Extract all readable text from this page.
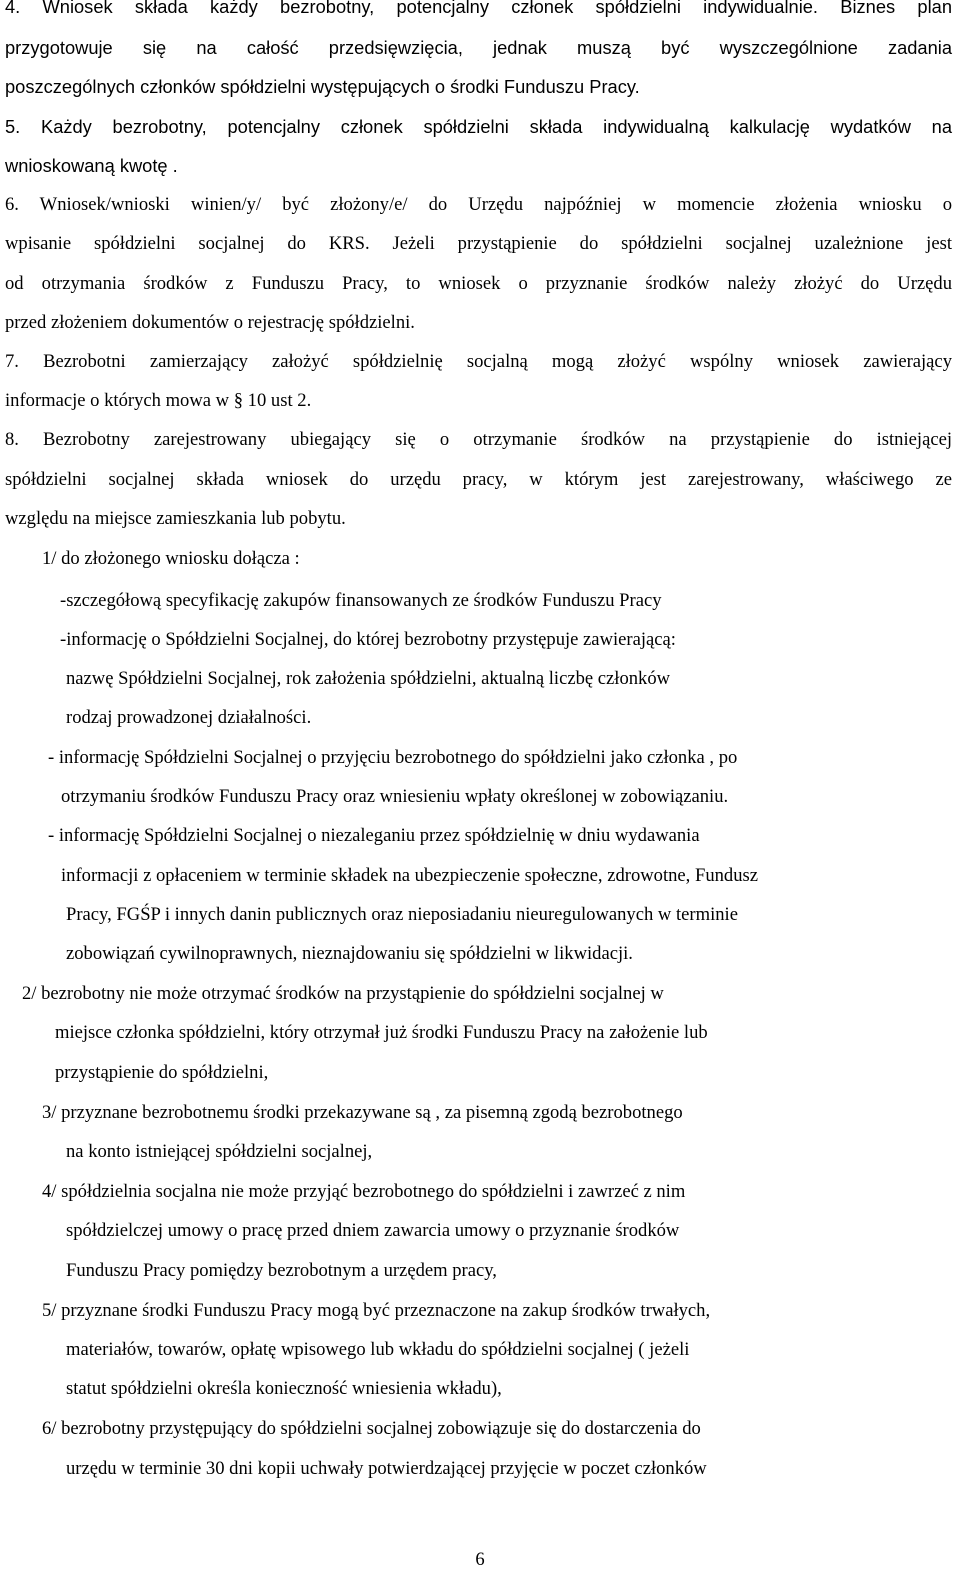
4. Wniosek składa każdy bezrobotny, potencjalny członek spółdzielni indywidualnie. Biznes plan
przygotowuje się na całość przedsięwzięcia, jednak muszą być wyszczególnione zadania
poszczególnych członków spółdzielni występujących o środki Funduszu Pracy.
5. Każdy bezrobotny, potencjalny członek spółdzielni składa indywidualną kalkulację wydatków na
wnioskowaną kwotę .
6. Wniosek/wnioski winien/y/ być złożony/e/ do Urzędu najpóźniej w momencie złożenia wniosku o
wpisanie spółdzielni socjalnej do KRS. Jeżeli przystąpienie do spółdzielni socjalnej uzależnione jest
od otrzymania środków z Funduszu Pracy, to wniosek o przyznanie środków należy złożyć do Urzędu
przed złożeniem dokumentów o rejestrację spółdzielni.
7. Bezrobotni zamierzający założyć spółdzielnię socjalną mogą złożyć wspólny wniosek zawierający
informacje o których mowa w § 10 ust 2.
8. Bezrobotny zarejestrowany ubiegający się o otrzymanie środków na przystąpienie do istniejącej
spółdzielni socjalnej składa wniosek do urzędu pracy, w którym jest zarejestrowany, właściwego ze
względu na miejsce zamieszkania lub pobytu.
1/ do złożonego wniosku dołącza :
-szczegółową specyfikację zakupów finansowanych ze środków Funduszu Pracy
-informację o Spółdzielni Socjalnej, do której bezrobotny przystępuje zawierającą:
nazwę Spółdzielni Socjalnej, rok założenia spółdzielni, aktualną liczbę członków
rodzaj prowadzonej działalności.
- informację Spółdzielni Socjalnej o przyjęciu bezrobotnego do spółdzielni jako członka , po
otrzymaniu środków Funduszu Pracy oraz wniesieniu wpłaty określonej w zobowiązaniu.
- informację Spółdzielni Socjalnej o niezaleganiu przez spółdzielnię w dniu wydawania
informacji z opłaceniem w terminie składek na ubezpieczenie społeczne, zdrowotne, Fundusz
Pracy, FGŚP i innych danin publicznych oraz nieposiadaniu nieuregulowanych w terminie
zobowiązań cywilnoprawnych, nieznajdowaniu się spółdzielni w likwidacji.
2/ bezrobotny nie może otrzymać środków na przystąpienie do spółdzielni socjalnej w
miejsce członka spółdzielni, który otrzymał już środki Funduszu Pracy na założenie lub
przystąpienie do spółdzielni,
3/ przyznane bezrobotnemu środki przekazywane są , za pisemną zgodą bezrobotnego
na konto istniejącej spółdzielni socjalnej,
4/ spółdzielnia socjalna nie może przyjąć bezrobotnego do spółdzielni i zawrzeć z nim
spółdzielczej umowy o pracę przed dniem zawarcia umowy o przyznanie środków
Funduszu Pracy pomiędzy bezrobotnym a urzędem pracy,
5/ przyznane środki Funduszu Pracy mogą być przeznaczone na zakup środków trwałych,
materiałów, towarów, opłatę wpisowego lub wkładu do spółdzielni socjalnej ( jeżeli
statut spółdzielni określa konieczność wniesienia wkładu),
6/ bezrobotny przystępujący do spółdzielni socjalnej zobowiązuje się do dostarczenia do
urzędu w terminie 30 dni kopii uchwały potwierdzającej przyjęcie w poczet członków
6
